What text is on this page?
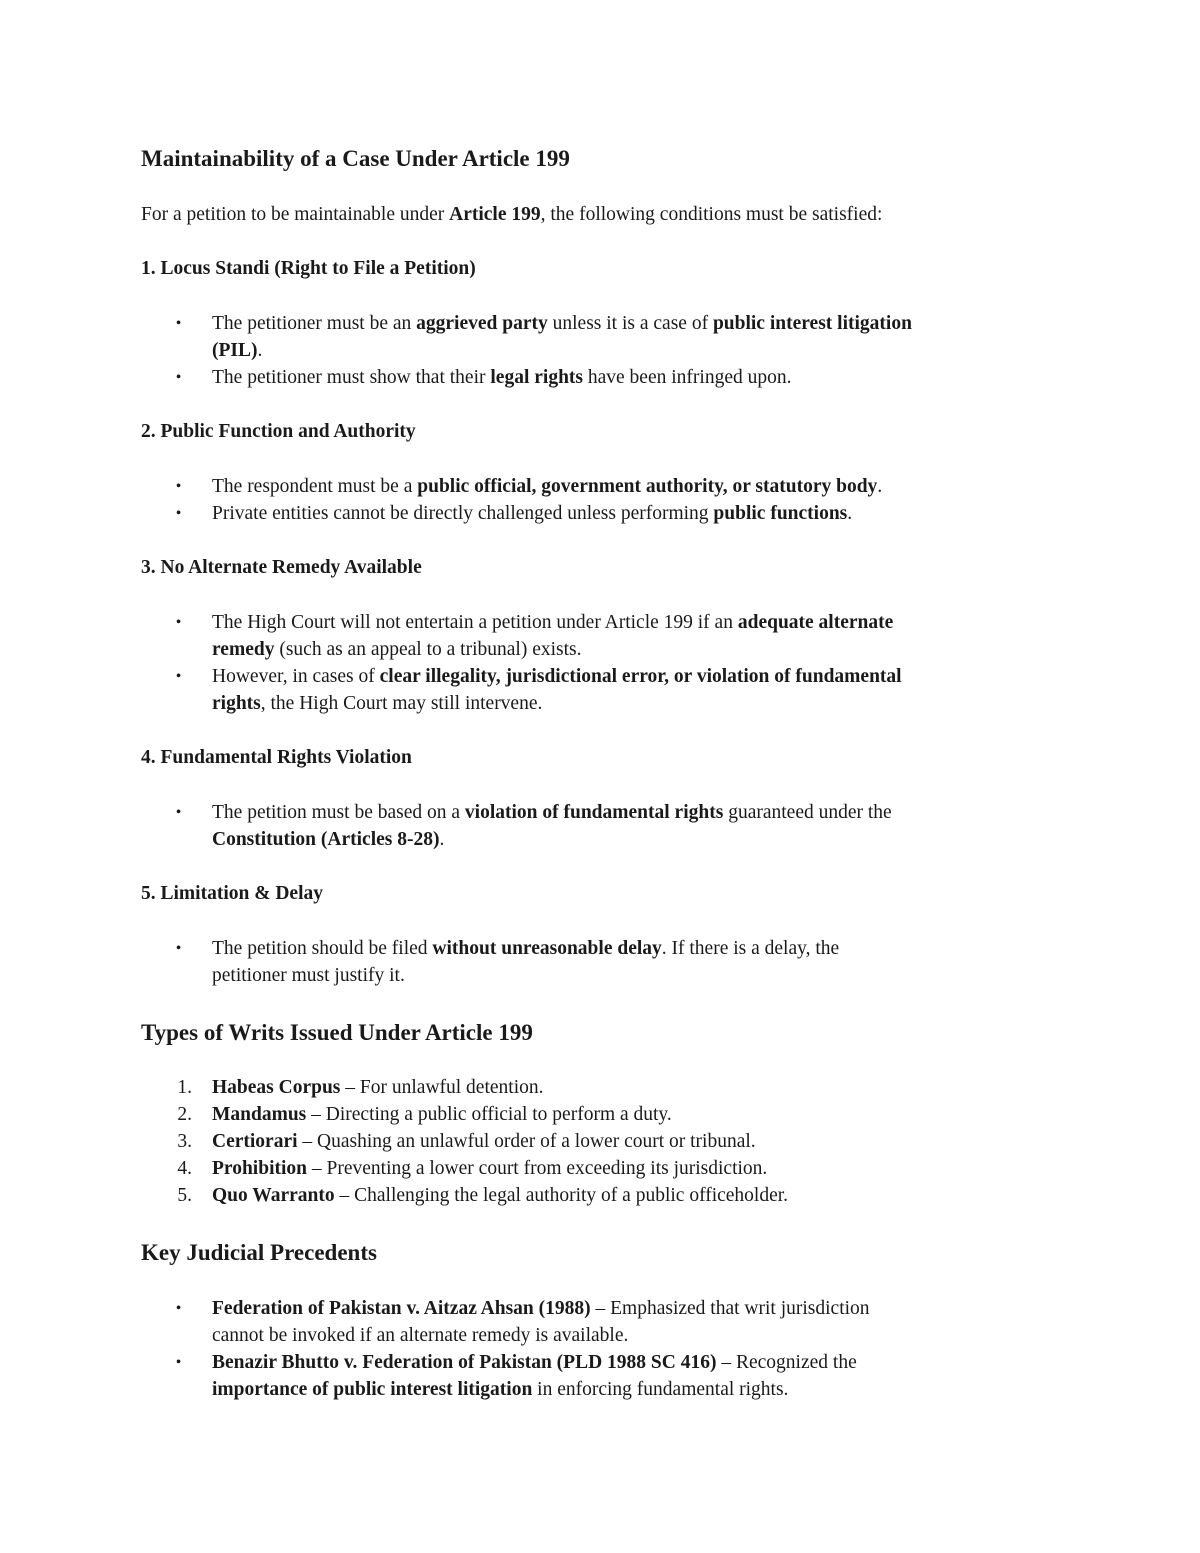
Maintainability of a Case Under Article 199
For a petition to be maintainable under Article 199, the following conditions must be satisfied:
1. Locus Standi (Right to File a Petition)
•	The petitioner must be an aggrieved party unless it is a case of public interest litigation
(PIL).
•	The petitioner must show that their legal rights have been infringed upon.
2. Public Function and Authority
•	The respondent must be a public official, government authority, or statutory body.
•	Private entities cannot be directly challenged unless performing public functions.
3. No Alternate Remedy Available
•	The High Court will not entertain a petition under Article 199 if an adequate alternate
remedy (such as an appeal to a tribunal) exists.
•	However, in cases of clear illegality, jurisdictional error, or violation of fundamental
rights, the High Court may still intervene.
4. Fundamental Rights Violation
•	The petition must be based on a violation of fundamental rights guaranteed under the
Constitution (Articles 8-28).
5. Limitation & Delay
•	The petition should be filed without unreasonable delay. If there is a delay, the
petitioner must justify it.
Types of Writs Issued Under Article 199
1.	Habeas Corpus – For unlawful detention.
2.	Mandamus – Directing a public official to perform a duty.
3.	Certiorari – Quashing an unlawful order of a lower court or tribunal.
4.	Prohibition – Preventing a lower court from exceeding its jurisdiction.
5.	Quo Warranto – Challenging the legal authority of a public officeholder.
Key Judicial Precedents
•	Federation of Pakistan v. Aitzaz Ahsan (1988) – Emphasized that writ jurisdiction
cannot be invoked if an alternate remedy is available.
•	Benazir Bhutto v. Federation of Pakistan (PLD 1988 SC 416) – Recognized the
importance of public interest litigation in enforcing fundamental rights.
